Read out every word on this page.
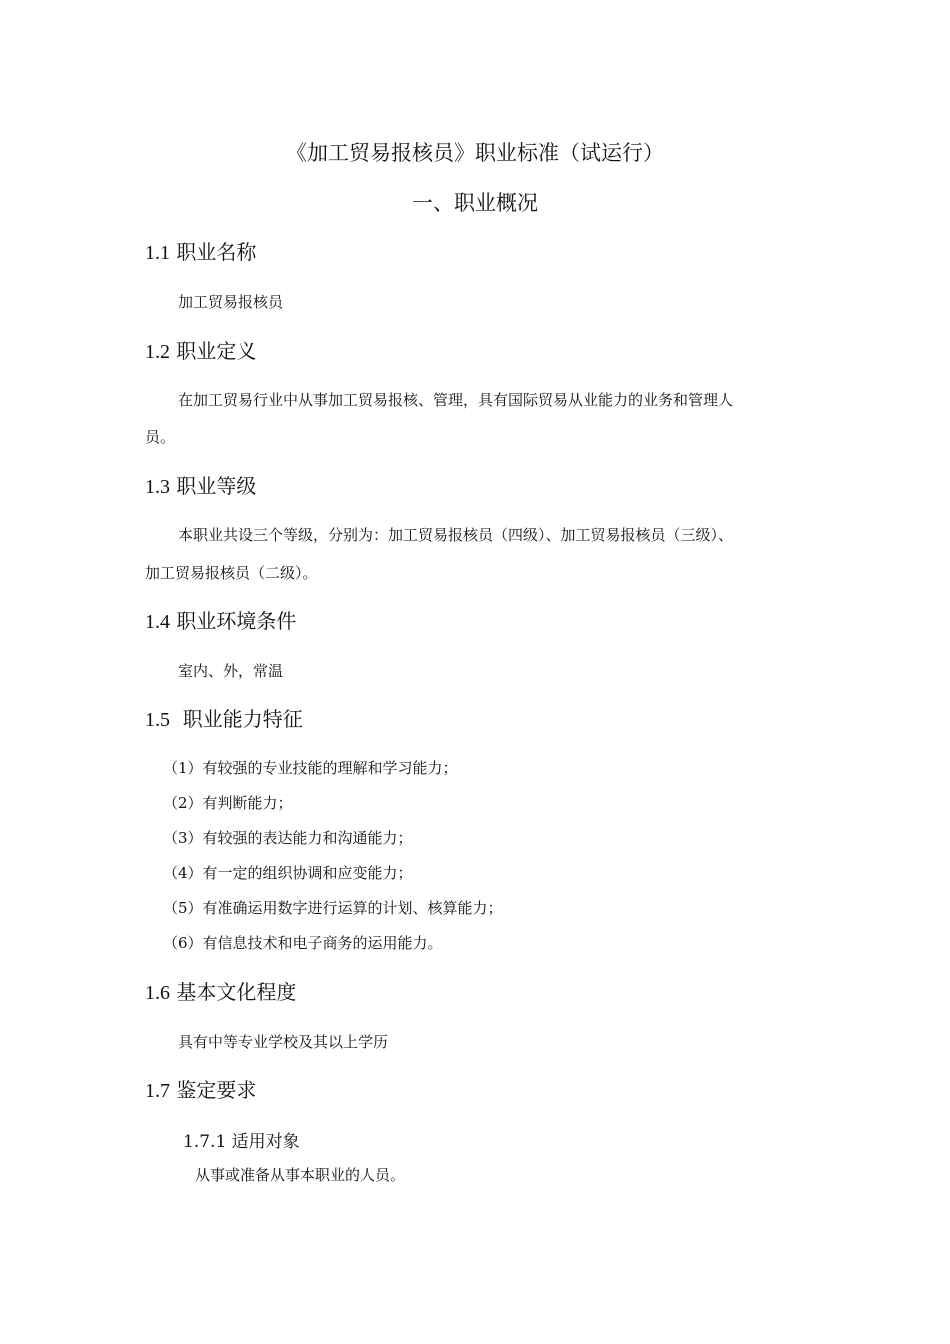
《加工贸易报核员》职业标准（试运行）
一、职业概况
1.1 职业名称
加工贸易报核员
1.2 职业定义
在加工贸易行业中从事加工贸易报核、管理，具有国际贸易从业能力的业务和管理人
员。
1.3 职业等级
本职业共设三个等级，分别为：加工贸易报核员（四级）、加工贸易报核员（三级）、
加工贸易报核员（二级）。
1.4 职业环境条件
室内、外，常温
1.5 职业能力特征
（1）有较强的专业技能的理解和学习能力；
（2）有判断能力；
（3）有较强的表达能力和沟通能力；
（4）有一定的组织协调和应变能力；
（5）有准确运用数字进行运算的计划、核算能力；
（6）有信息技术和电子商务的运用能力。
1.6 基本文化程度
具有中等专业学校及其以上学历
1.7 鉴定要求
1.7.1 适用对象
从事或准备从事本职业的人员。
